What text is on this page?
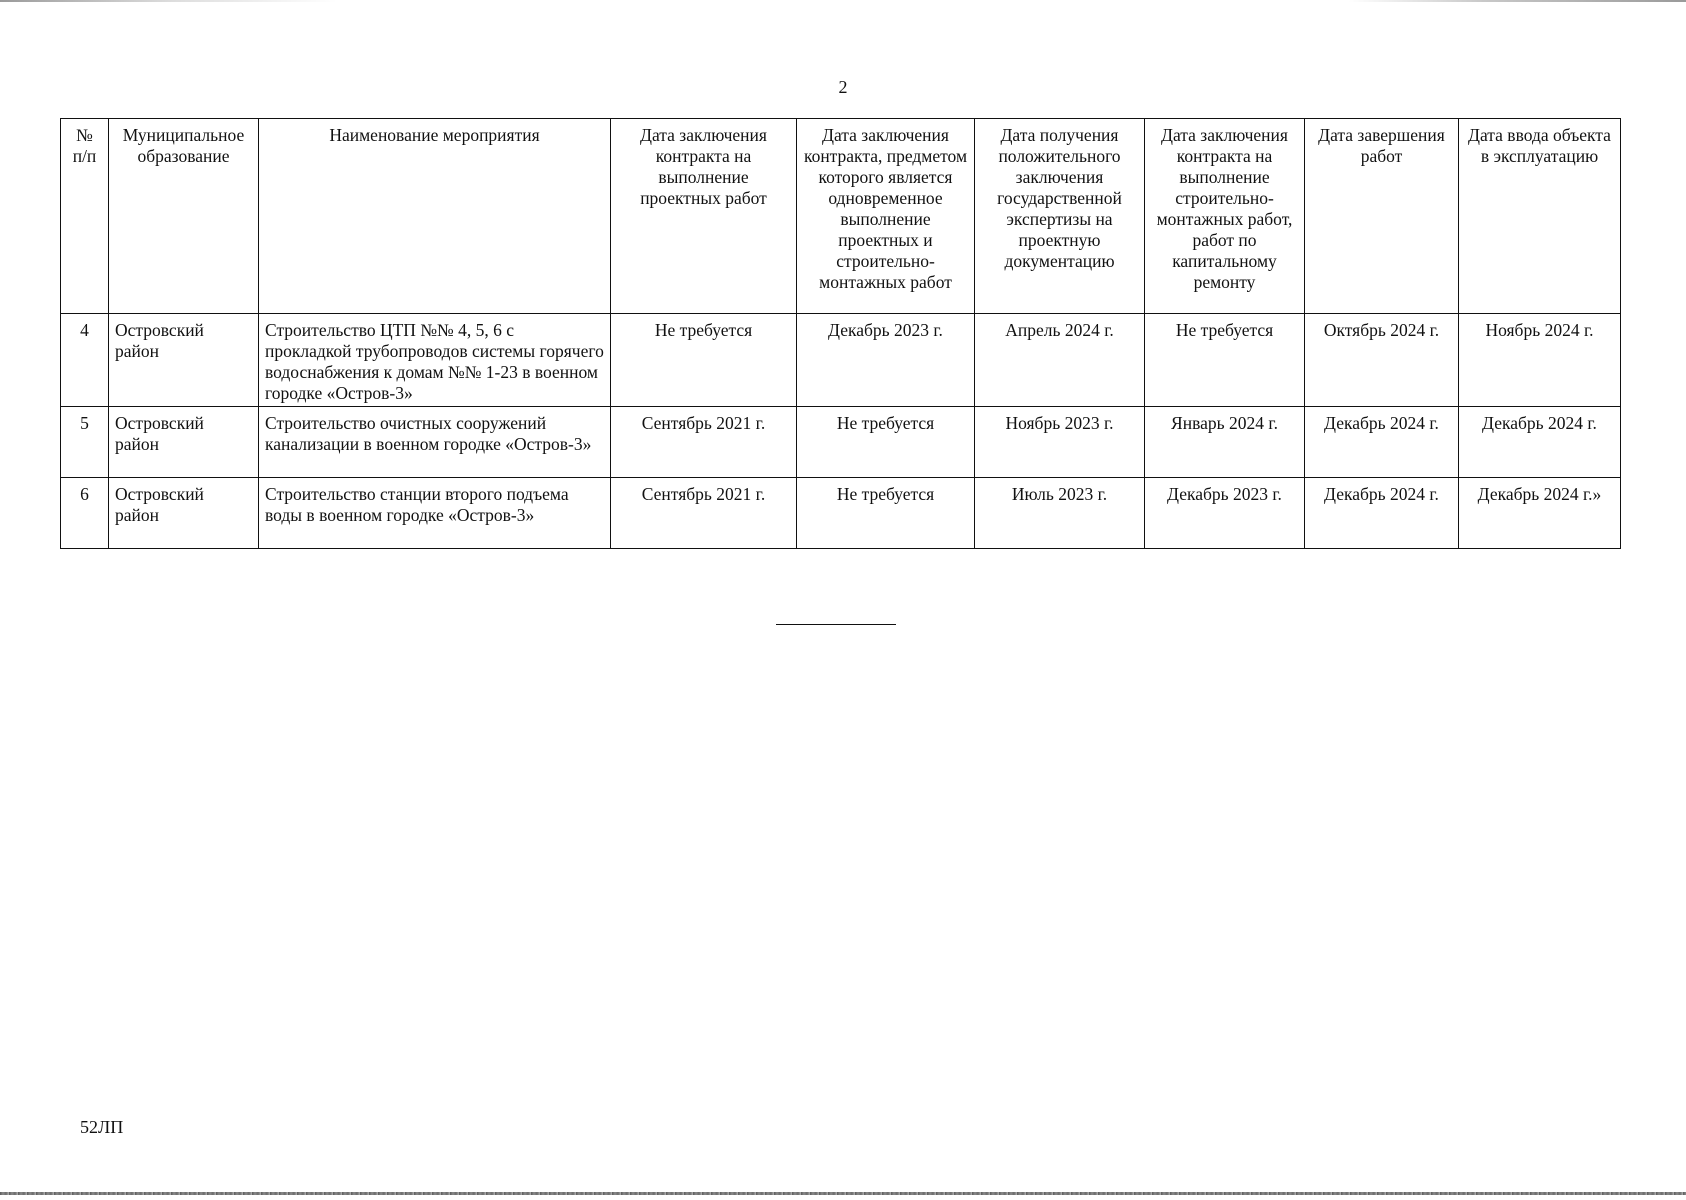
2
№ п/п	Муниципальное образование	Наименование мероприятия	Дата заключения контракта на выполнение проектных работ	Дата заключения контракта, предметом которого является одновременное выполнение проектных и строительно-монтажных работ	Дата получения положительного заключения государственной экспертизы на проектную документацию	Дата заключения контракта на выполнение строительно-монтажных работ, работ по капитальному ремонту	Дата завершения работ	Дата ввода объекта в эксплуатацию
4	Островский район	Строительство ЦТП №№ 4, 5, 6 с прокладкой трубопроводов системы горячего водоснабжения к домам №№ 1-23 в военном городке «Остров-3»	Не требуется	Декабрь 2023 г.	Апрель 2024 г.	Не требуется	Октябрь 2024 г.	Ноябрь 2024 г.
5	Островский район	Строительство очистных сооружений канализации в военном городке «Остров-3»	Сентябрь 2021 г.	Не требуется	Ноябрь 2023 г.	Январь 2024 г.	Декабрь 2024 г.	Декабрь 2024 г.
6	Островский район	Строительство станции второго подъема воды в военном городке «Остров-3»	Сентябрь 2021 г.	Не требуется	Июль 2023 г.	Декабрь 2023 г.	Декабрь 2024 г.	Декабрь 2024 г.»
52ЛП
